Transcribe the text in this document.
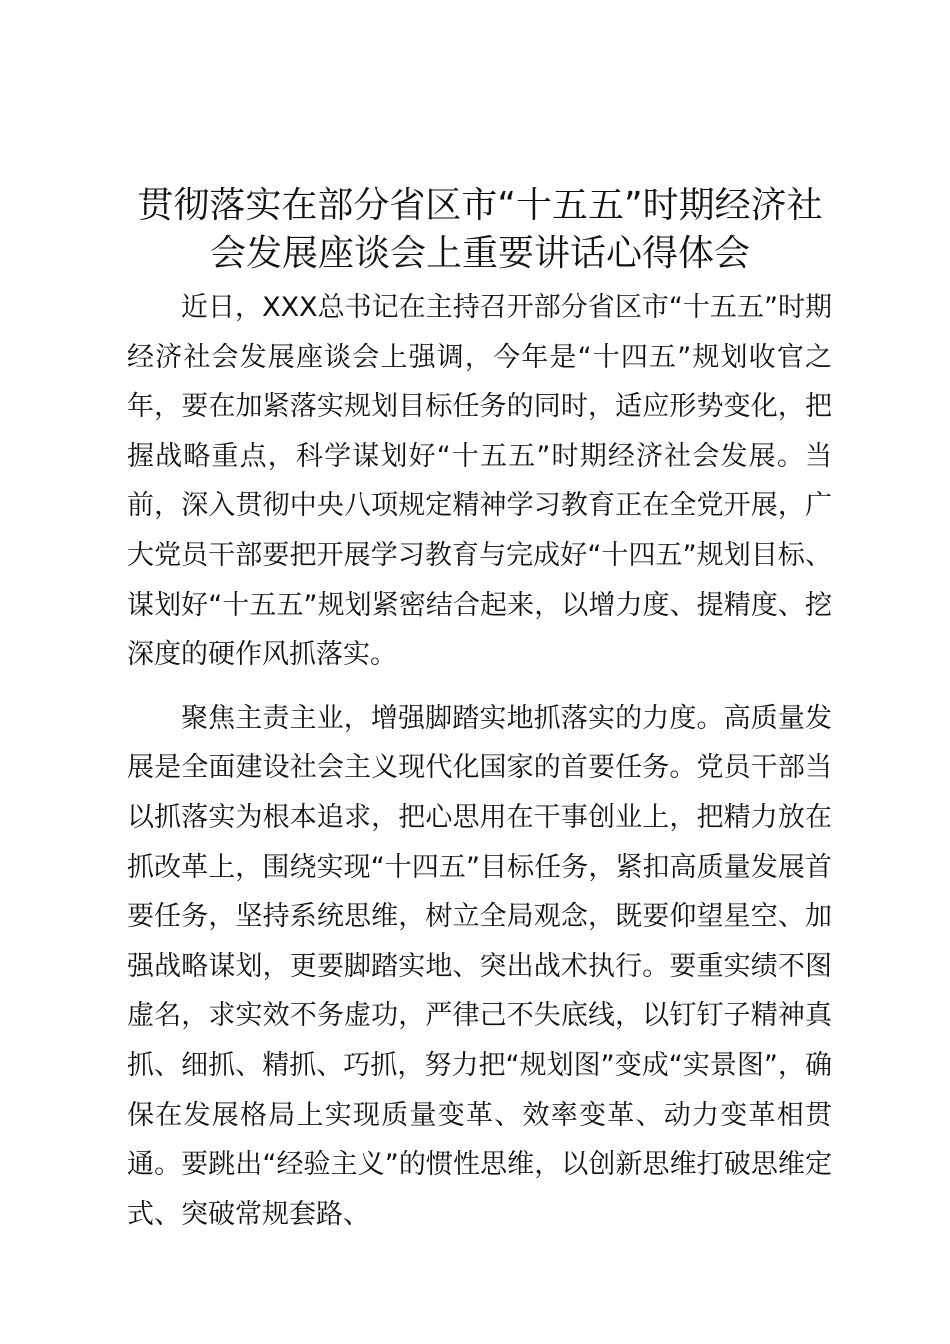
贯彻落实在部分省区市“十五五”时期经济社
会发展座谈会上重要讲话心得体会

近日，XXX总书记在主持召开部分省区市“十五五”时期经济社会发展座谈会上强调，今年是“十四五”规划收官之年，要在加紧落实规划目标任务的同时，适应形势变化，把握战略重点，科学谋划好“十五五”时期经济社会发展。当前，深入贯彻中央八项规定精神学习教育正在全党开展，广大党员干部要把开展学习教育与完成好“十四五”规划目标、谋划好“十五五”规划紧密结合起来，以增力度、提精度、挖深度的硬作风抓落实。

聚焦主责主业，增强脚踏实地抓落实的力度。高质量发展是全面建设社会主义现代化国家的首要任务。党员干部当以抓落实为根本追求，把心思用在干事创业上，把精力放在抓改革上，围绕实现“十四五”目标任务，紧扣高质量发展首要任务，坚持系统思维，树立全局观念，既要仰望星空、加强战略谋划，更要脚踏实地、突出战术执行。要重实绩不图虚名，求实效不务虚功，严律己不失底线，以钉钉子精神真抓、细抓、精抓、巧抓，努力把“规划图”变成“实景图”，确保在发展格局上实现质量变革、效率变革、动力变革相贯通。要跳出“经验主义”的惯性思维，以创新思维打破思维定式、突破常规套路、
